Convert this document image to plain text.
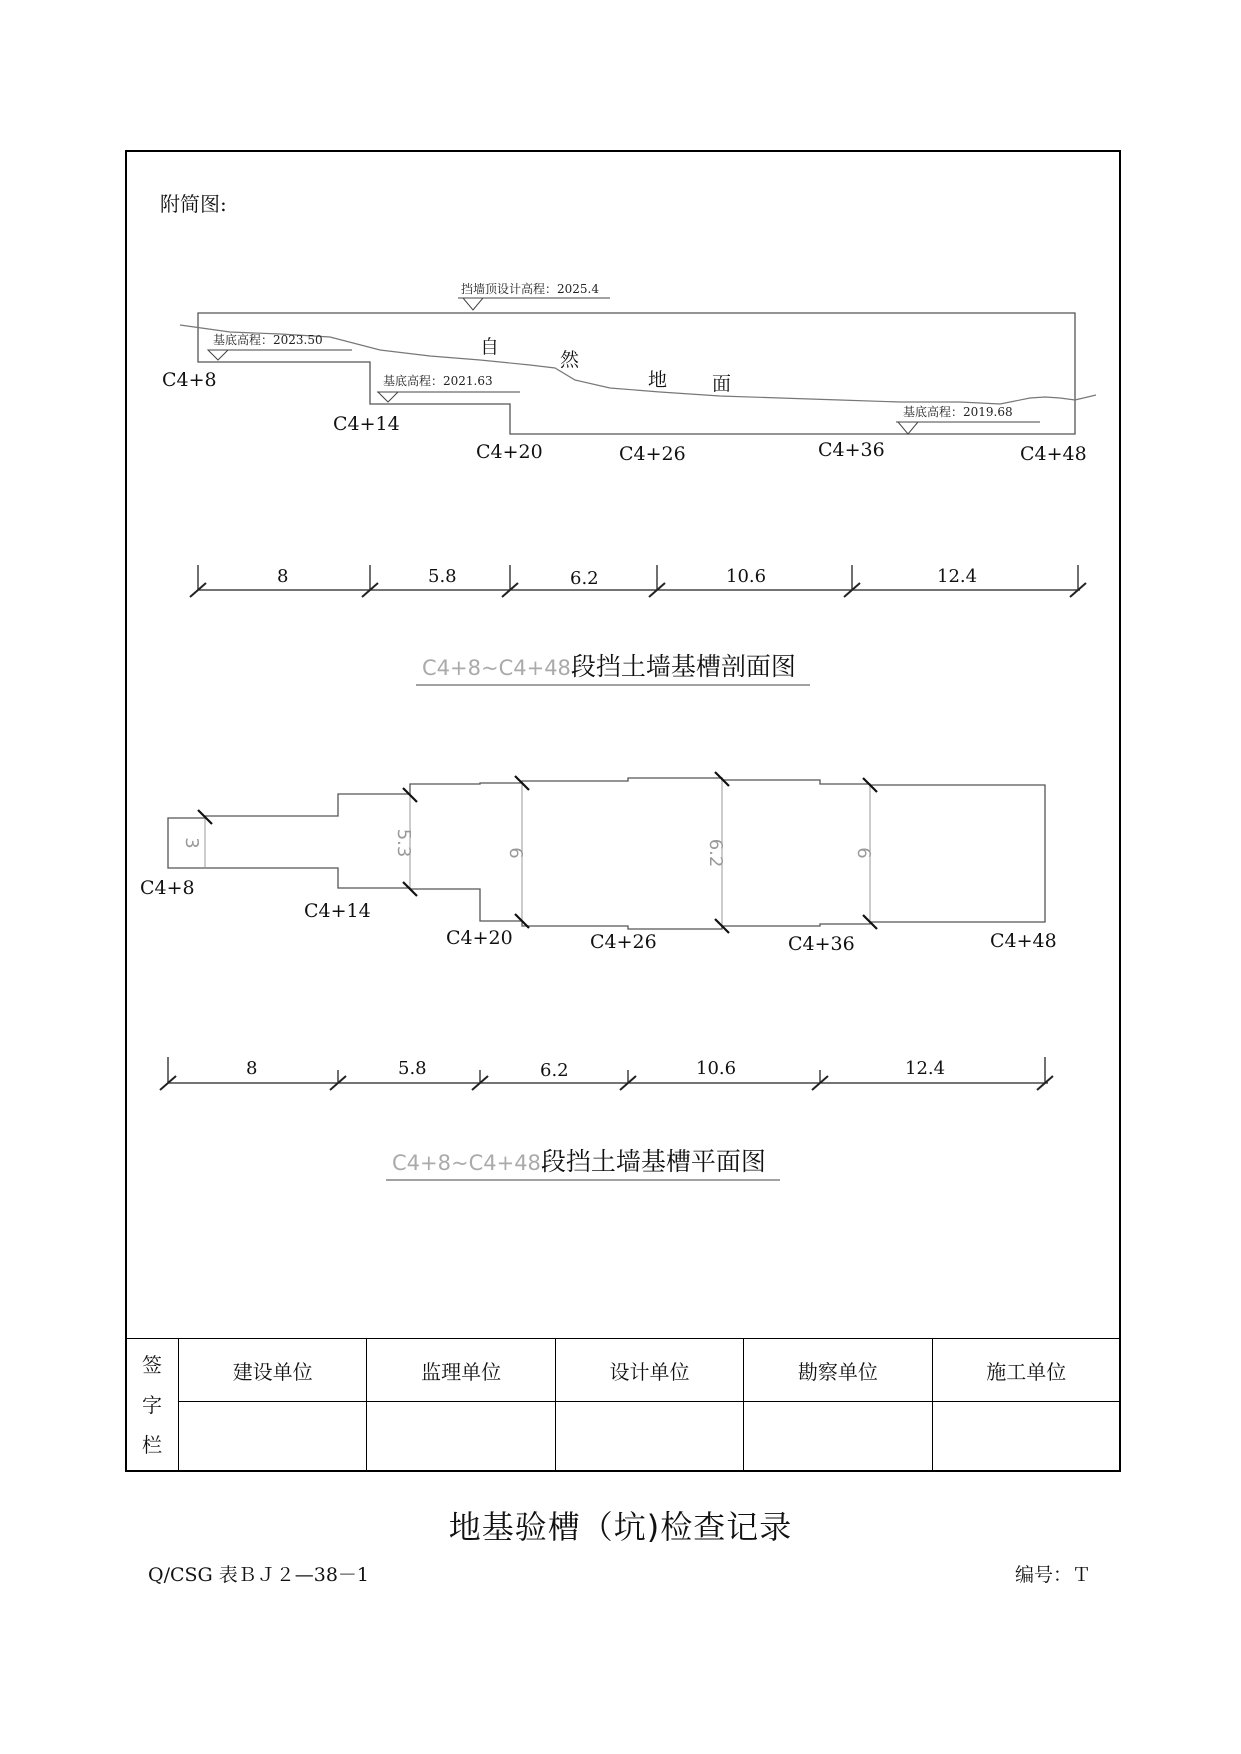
附简图:
挡墙顶设计高程：2025.4
基底高程：2023.50
基底高程：2021.63
基底高程：2019.68
自
然
地 面
C4+8
C4+14
C4+20	C4+26	C4+36	C4+48
8	5.8	6.2	10.6	12.4
C4+8~C4+48段挡土墙基槽剖面图
3	5.3	6	6.2	6
C4+8
C4+14
C4+20	C4+26	C4+36	C4+48
8	5.8	6.2	10.6	12.4
C4+8~C4+48段挡土墙基槽平面图
签
字
栏	建设单位	监理单位	设计单位	勘察单位	施工单位

地基验槽（坑)检查记录
Q/CSG 表ＢＪ２—38－1	编号：Ｔ
